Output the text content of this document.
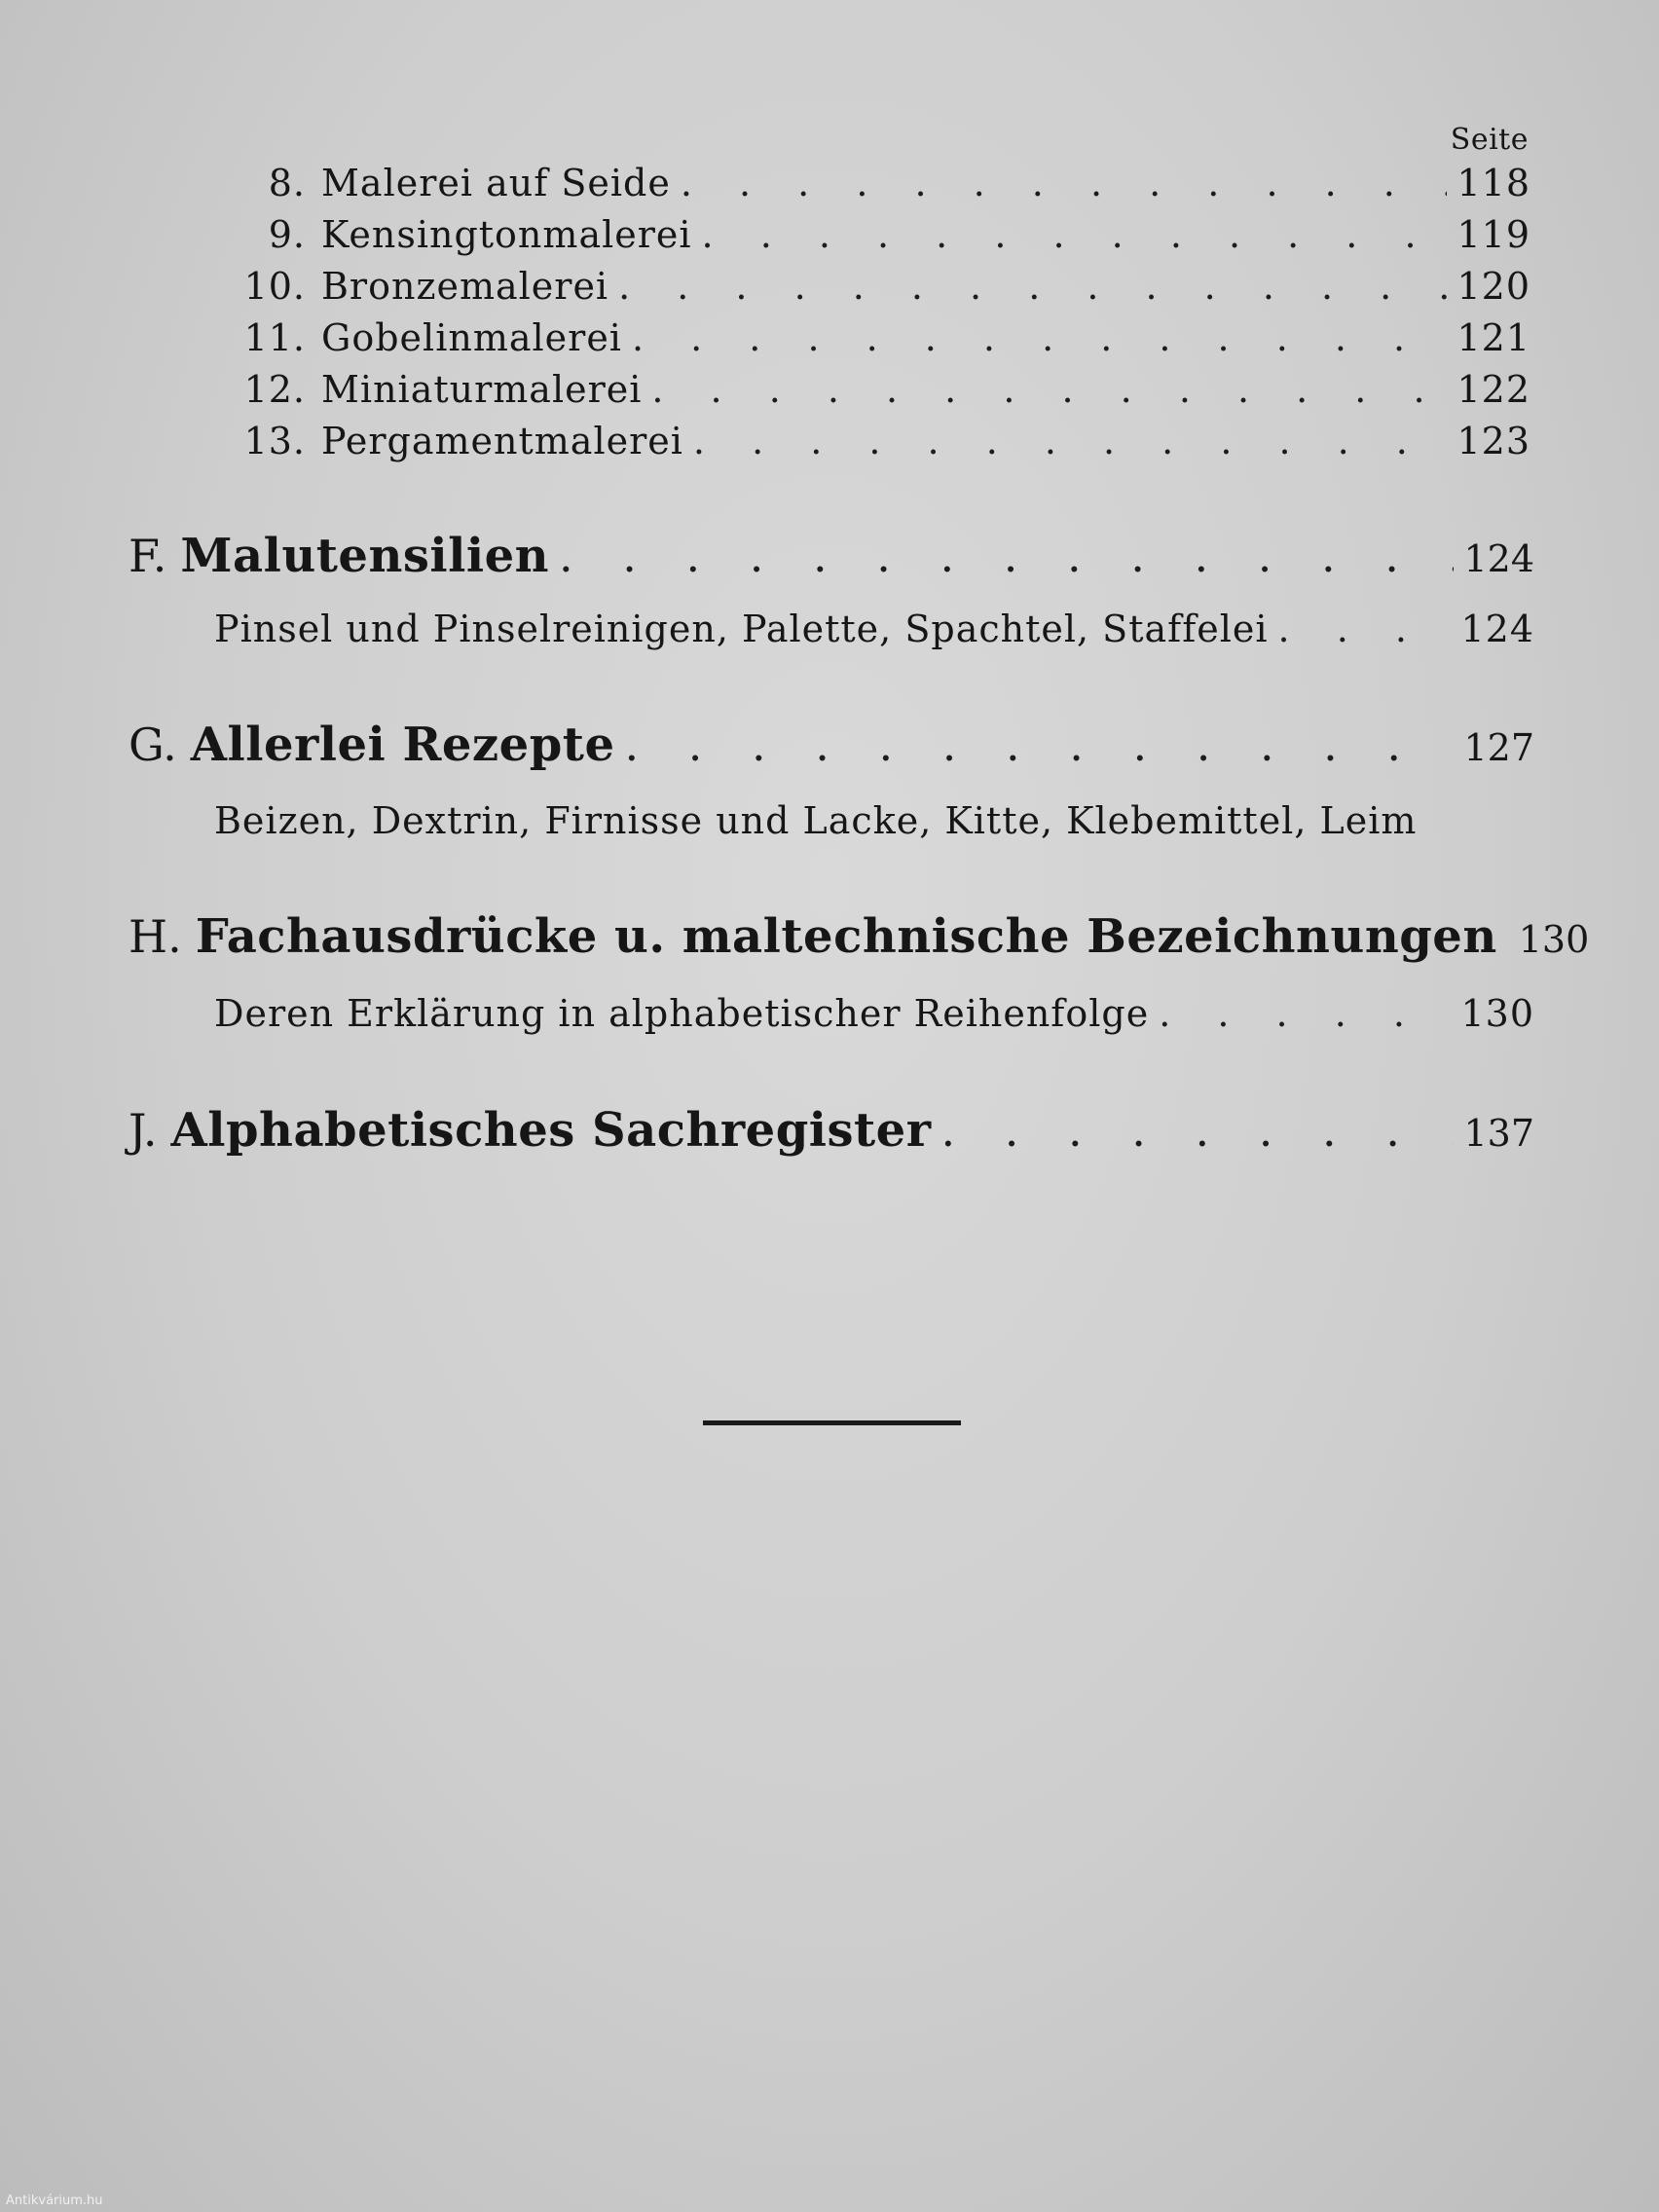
Seite
8. Malerei auf Seide . . .	118
9. Kensingtonmalerei . . .	119
10. Bronzemalerei . . .	120
11. Gobelinmalerei . . .	121
12. Miniaturmalerei . . .	122
13. Pergamentmalerei . . .	123
F. Malutensilien . . .	124
Pinsel und Pinselreinigen, Palette, Spachtel, Staffelei . . .	124
G. Allerlei Rezepte . . .	127
Beizen, Dextrin, Firnisse und Lacke, Kitte, Klebemittel, Leim
H. Fachausdrücke u. maltechnische Bezeichnungen 130
Deren Erklärung in alphabetischer Reihenfolge . . .	130
J. Alphabetisches Sachregister . . .	137
Antikvárium.hu
